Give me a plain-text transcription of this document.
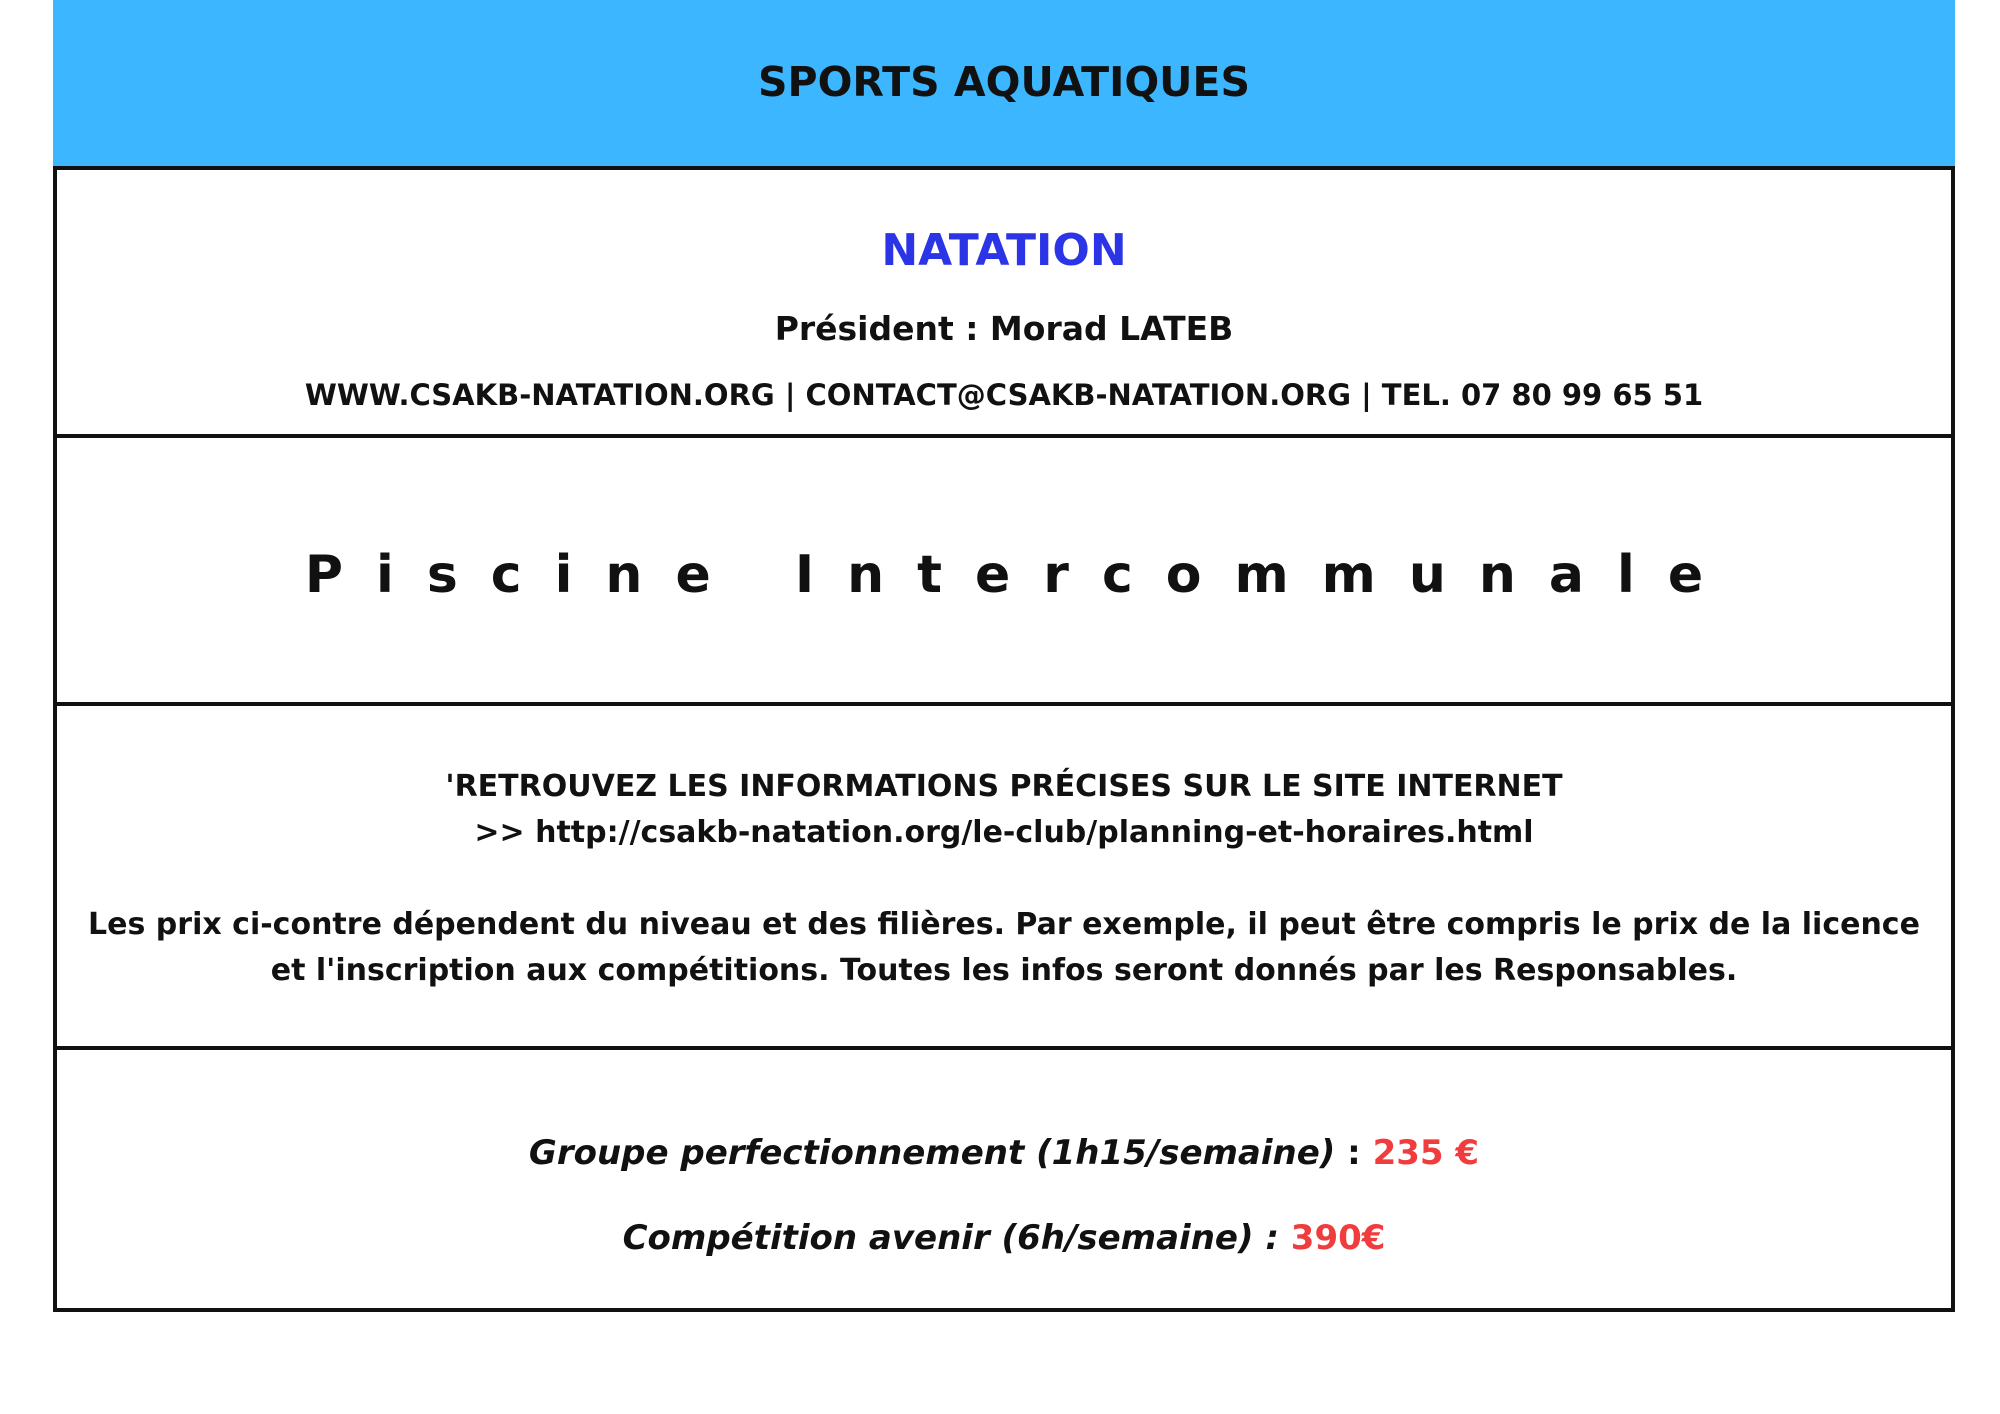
SPORTS AQUATIQUES
NATATION
Président : Morad LATEB
WWW.CSAKB-NATATION.ORG | CONTACT@CSAKB-NATATION.ORG | TEL. 07 80 99 65 51
Piscine Intercommunale

'RETROUVEZ LES INFORMATIONS PRÉCISES SUR LE SITE INTERNET

>> http://csakb-natation.org/le-club/planning-et-horaires.html

Les prix ci-contre dépendent du niveau et des filières. Par exemple, il peut être compris le prix de la licence et l'inscription aux compétitions. Toutes les infos seront donnés par les Responsables.

Groupe perfectionnement (1h15/semaine) : 235 €
Compétition avenir (6h/semaine) : 390€
